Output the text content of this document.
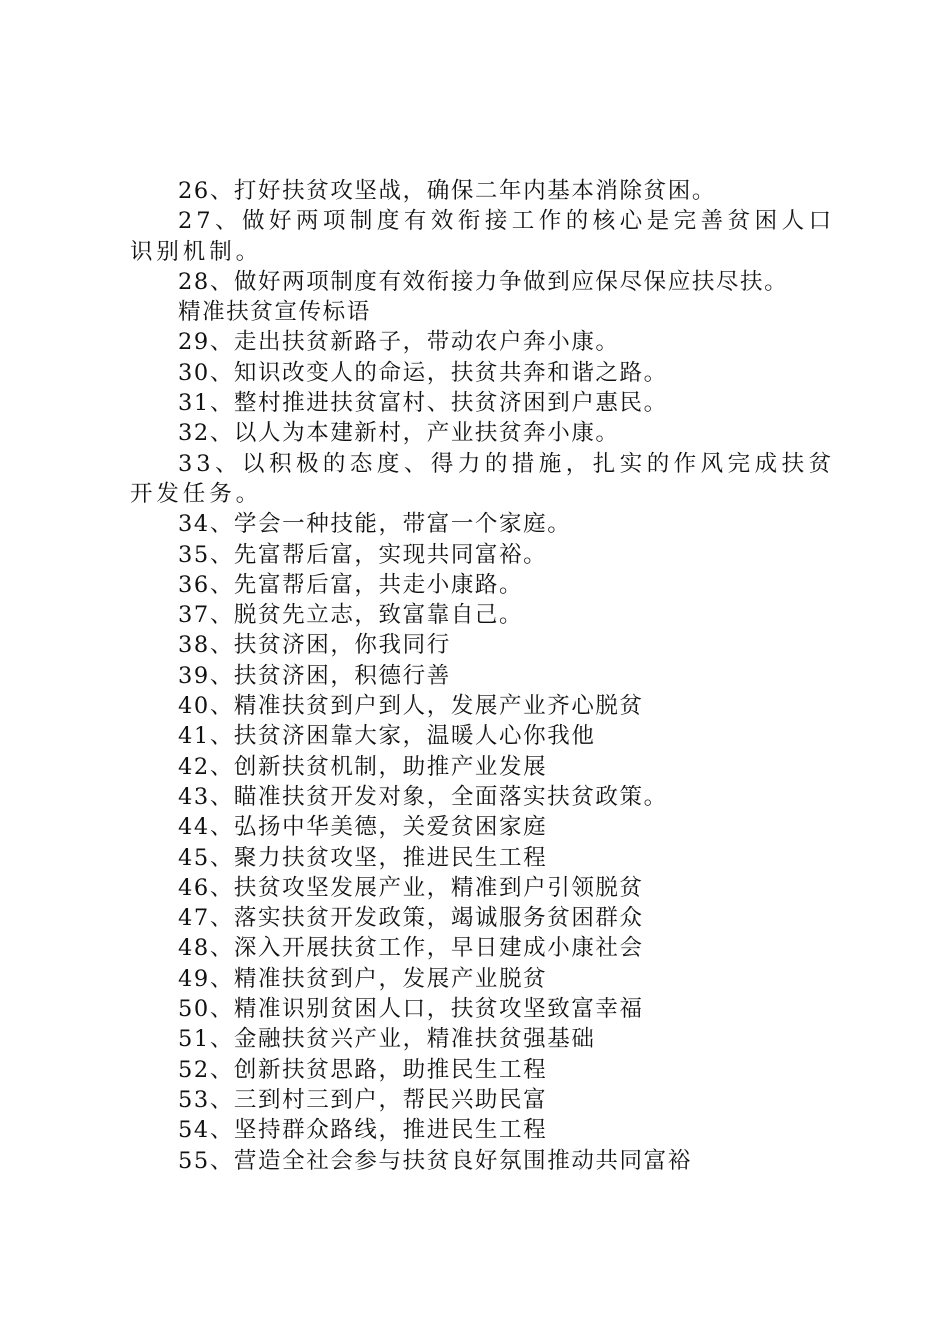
26、打好扶贫攻坚战，确保二年内基本消除贫困。

27、做好两项制度有效衔接工作的核心是完善贫困人口识别机制。

28、做好两项制度有效衔接力争做到应保尽保应扶尽扶。

精准扶贫宣传标语

29、走出扶贫新路子，带动农户奔小康。

30、知识改变人的命运，扶贫共奔和谐之路。

31、整村推进扶贫富村、扶贫济困到户惠民。

32、以人为本建新村，产业扶贫奔小康。

33、以积极的态度、得力的措施，扎实的作风完成扶贫开发任务。

34、学会一种技能，带富一个家庭。

35、先富帮后富，实现共同富裕。

36、先富帮后富，共走小康路。

37、脱贫先立志，致富靠自己。

38、扶贫济困，你我同行

39、扶贫济困，积德行善

40、精准扶贫到户到人，发展产业齐心脱贫

41、扶贫济困靠大家，温暖人心你我他

42、创新扶贫机制，助推产业发展

43、瞄准扶贫开发对象，全面落实扶贫政策。

44、弘扬中华美德，关爱贫困家庭

45、聚力扶贫攻坚，推进民生工程

46、扶贫攻坚发展产业，精准到户引领脱贫

47、落实扶贫开发政策，竭诚服务贫困群众

48、深入开展扶贫工作，早日建成小康社会

49、精准扶贫到户，发展产业脱贫

50、精准识别贫困人口，扶贫攻坚致富幸福

51、金融扶贫兴产业，精准扶贫强基础

52、创新扶贫思路，助推民生工程

53、三到村三到户，帮民兴助民富

54、坚持群众路线，推进民生工程

55、营造全社会参与扶贫良好氛围推动共同富裕
